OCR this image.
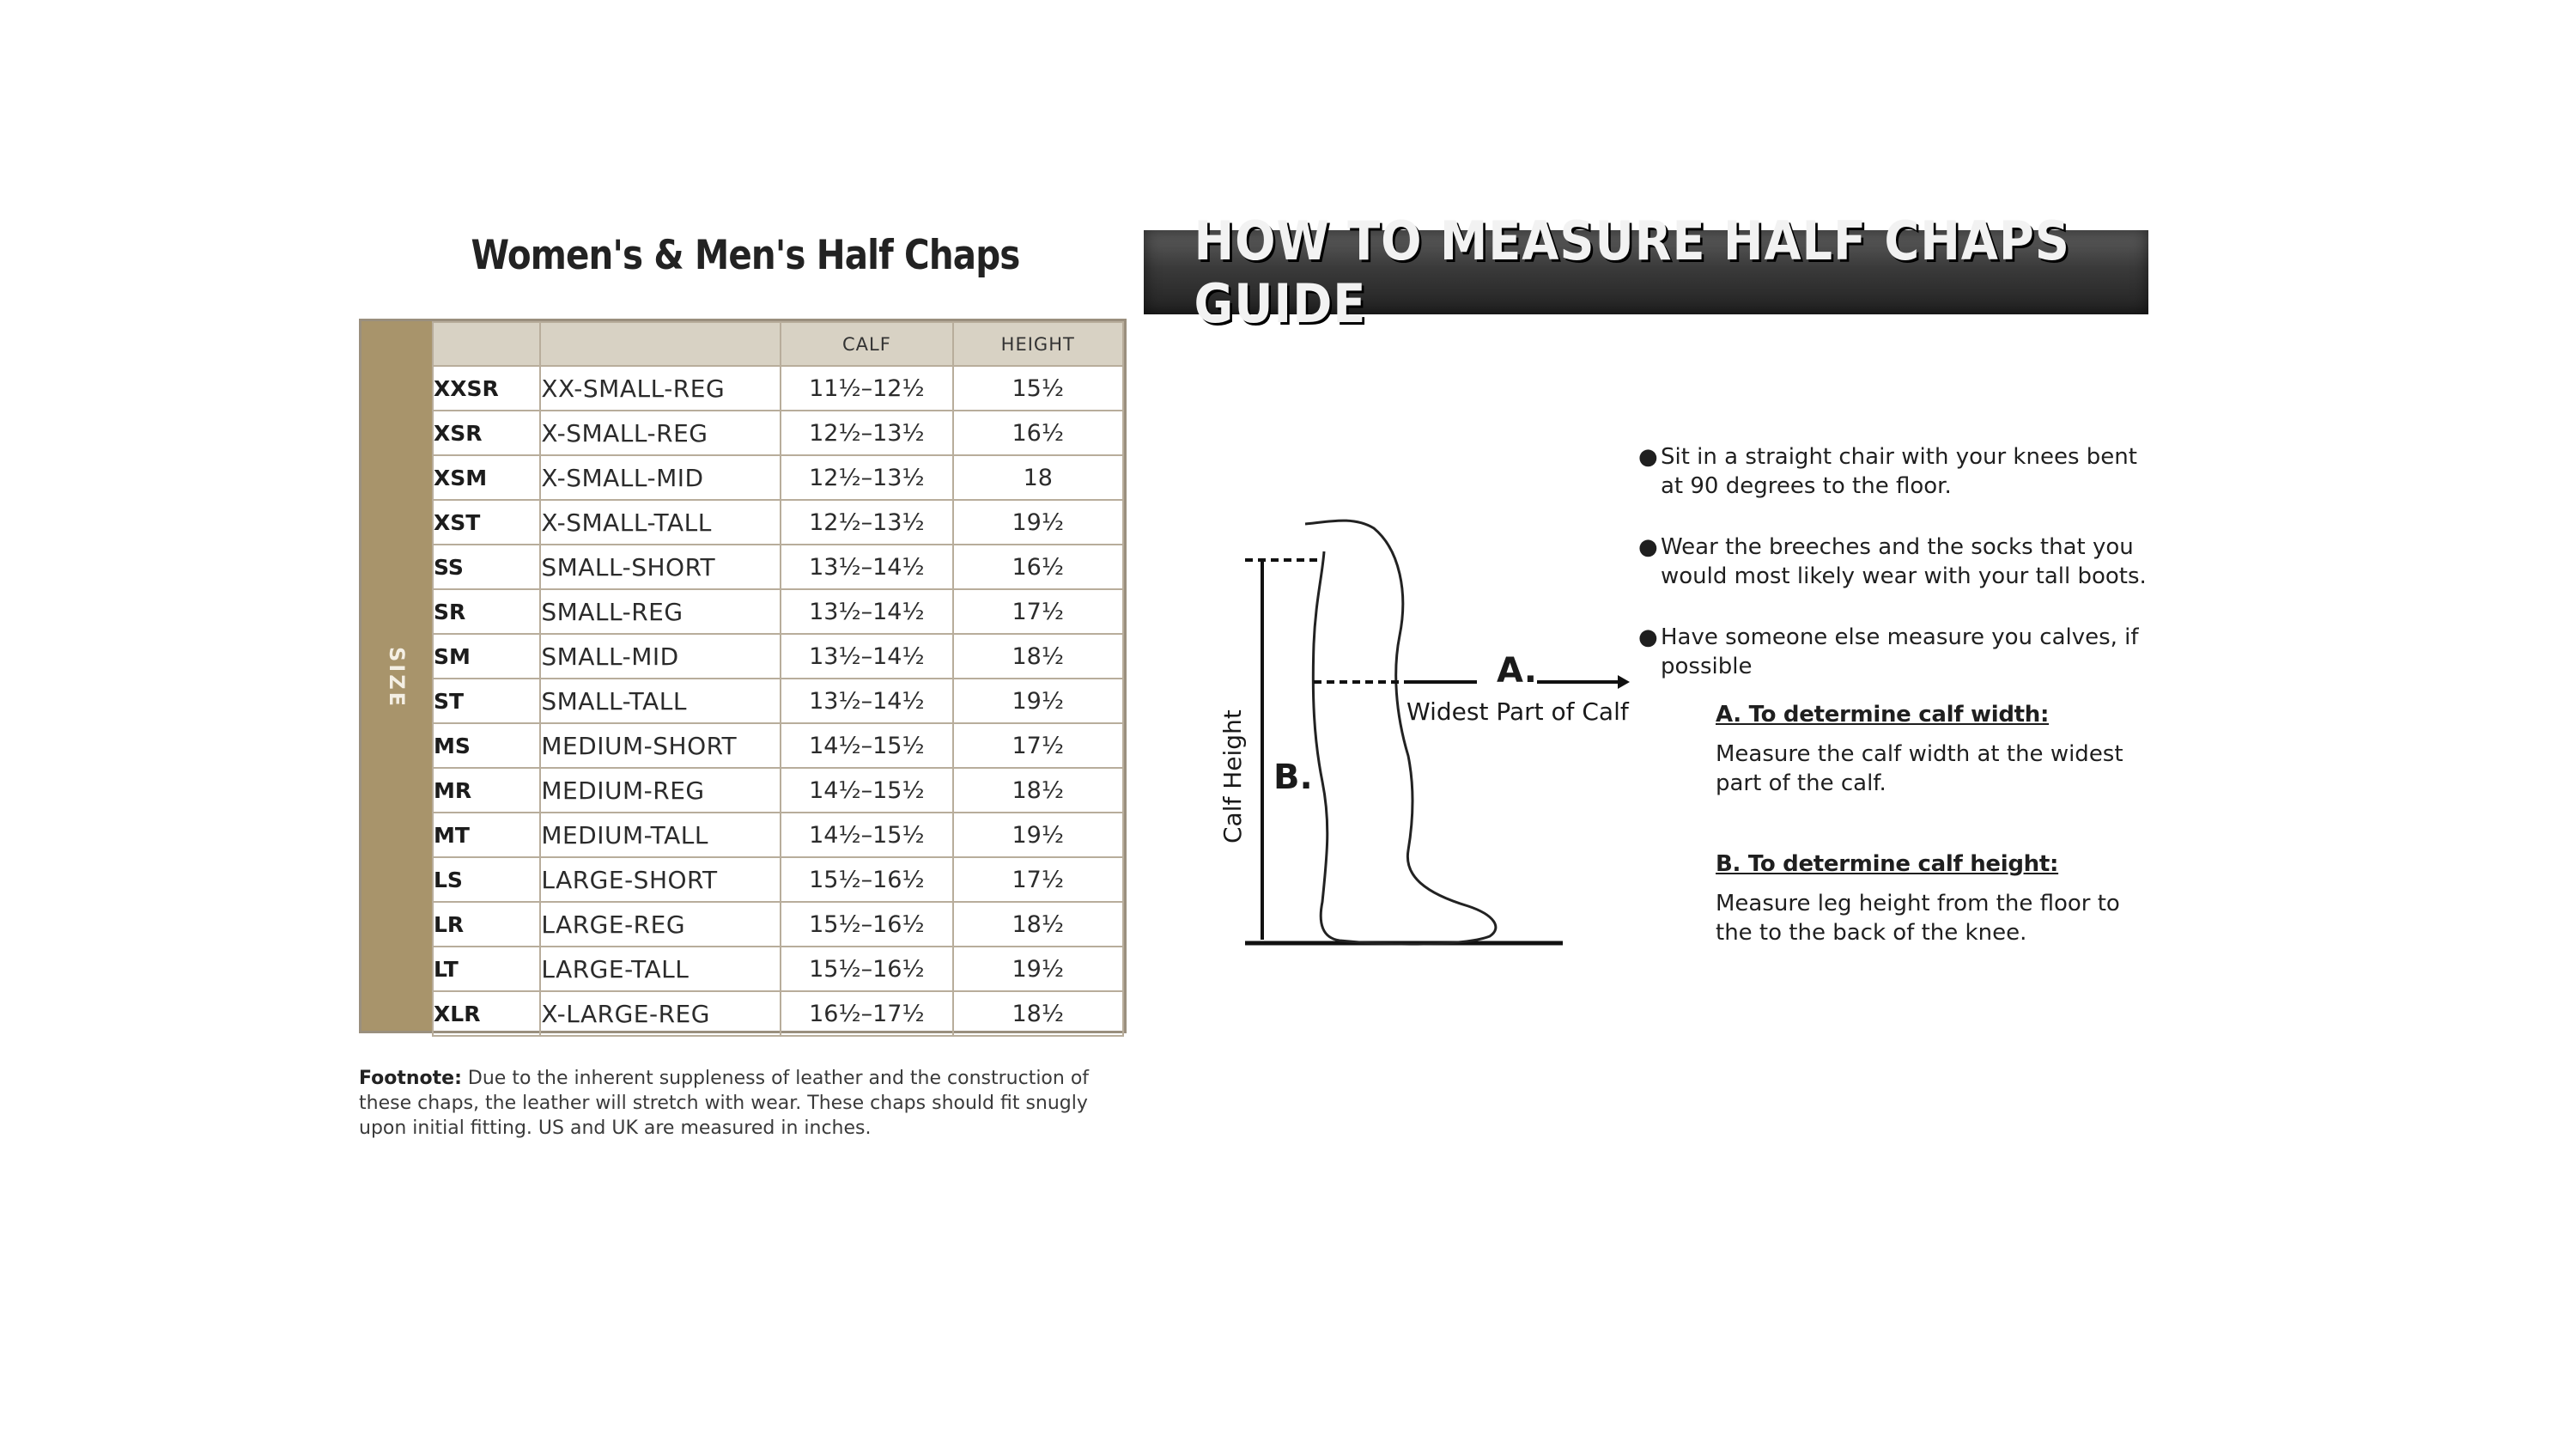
Women's & Men's Half Chaps
SIZE
		CALF	HEIGHT
XXSR	XX-SMALL-REG	11½–12½	15½
XSR	X-SMALL-REG	12½–13½	16½
XSM	X-SMALL-MID	12½–13½	18
XST	X-SMALL-TALL	12½–13½	19½
SS	SMALL-SHORT	13½–14½	16½
SR	SMALL-REG	13½–14½	17½
SM	SMALL-MID	13½–14½	18½
ST	SMALL-TALL	13½–14½	19½
MS	MEDIUM-SHORT	14½–15½	17½
MR	MEDIUM-REG	14½–15½	18½
MT	MEDIUM-TALL	14½–15½	19½
LS	LARGE-SHORT	15½–16½	17½
LR	LARGE-REG	15½–16½	18½
LT	LARGE-TALL	15½–16½	19½
XLR	X-LARGE-REG	16½–17½	18½
Footnote: Due to the inherent suppleness of leather and the construction of these chaps, the leather will stretch with wear. These chaps should fit snugly upon initial fitting. US and UK are measured in inches.
HOW TO MEASURE HALF CHAPS GUIDE
A.
Widest Part of Calf
B.
Calf Height
● Sit in a straight chair with your knees bent at 90 degrees to the floor.
● Wear the breeches and the socks that you would most likely wear with your tall boots.
● Have someone else measure you calves, if possible
A. To determine calf width:
Measure the calf width at the widest part of the calf.
B. To determine calf height:
Measure leg height from the floor to the to the back of the knee.
